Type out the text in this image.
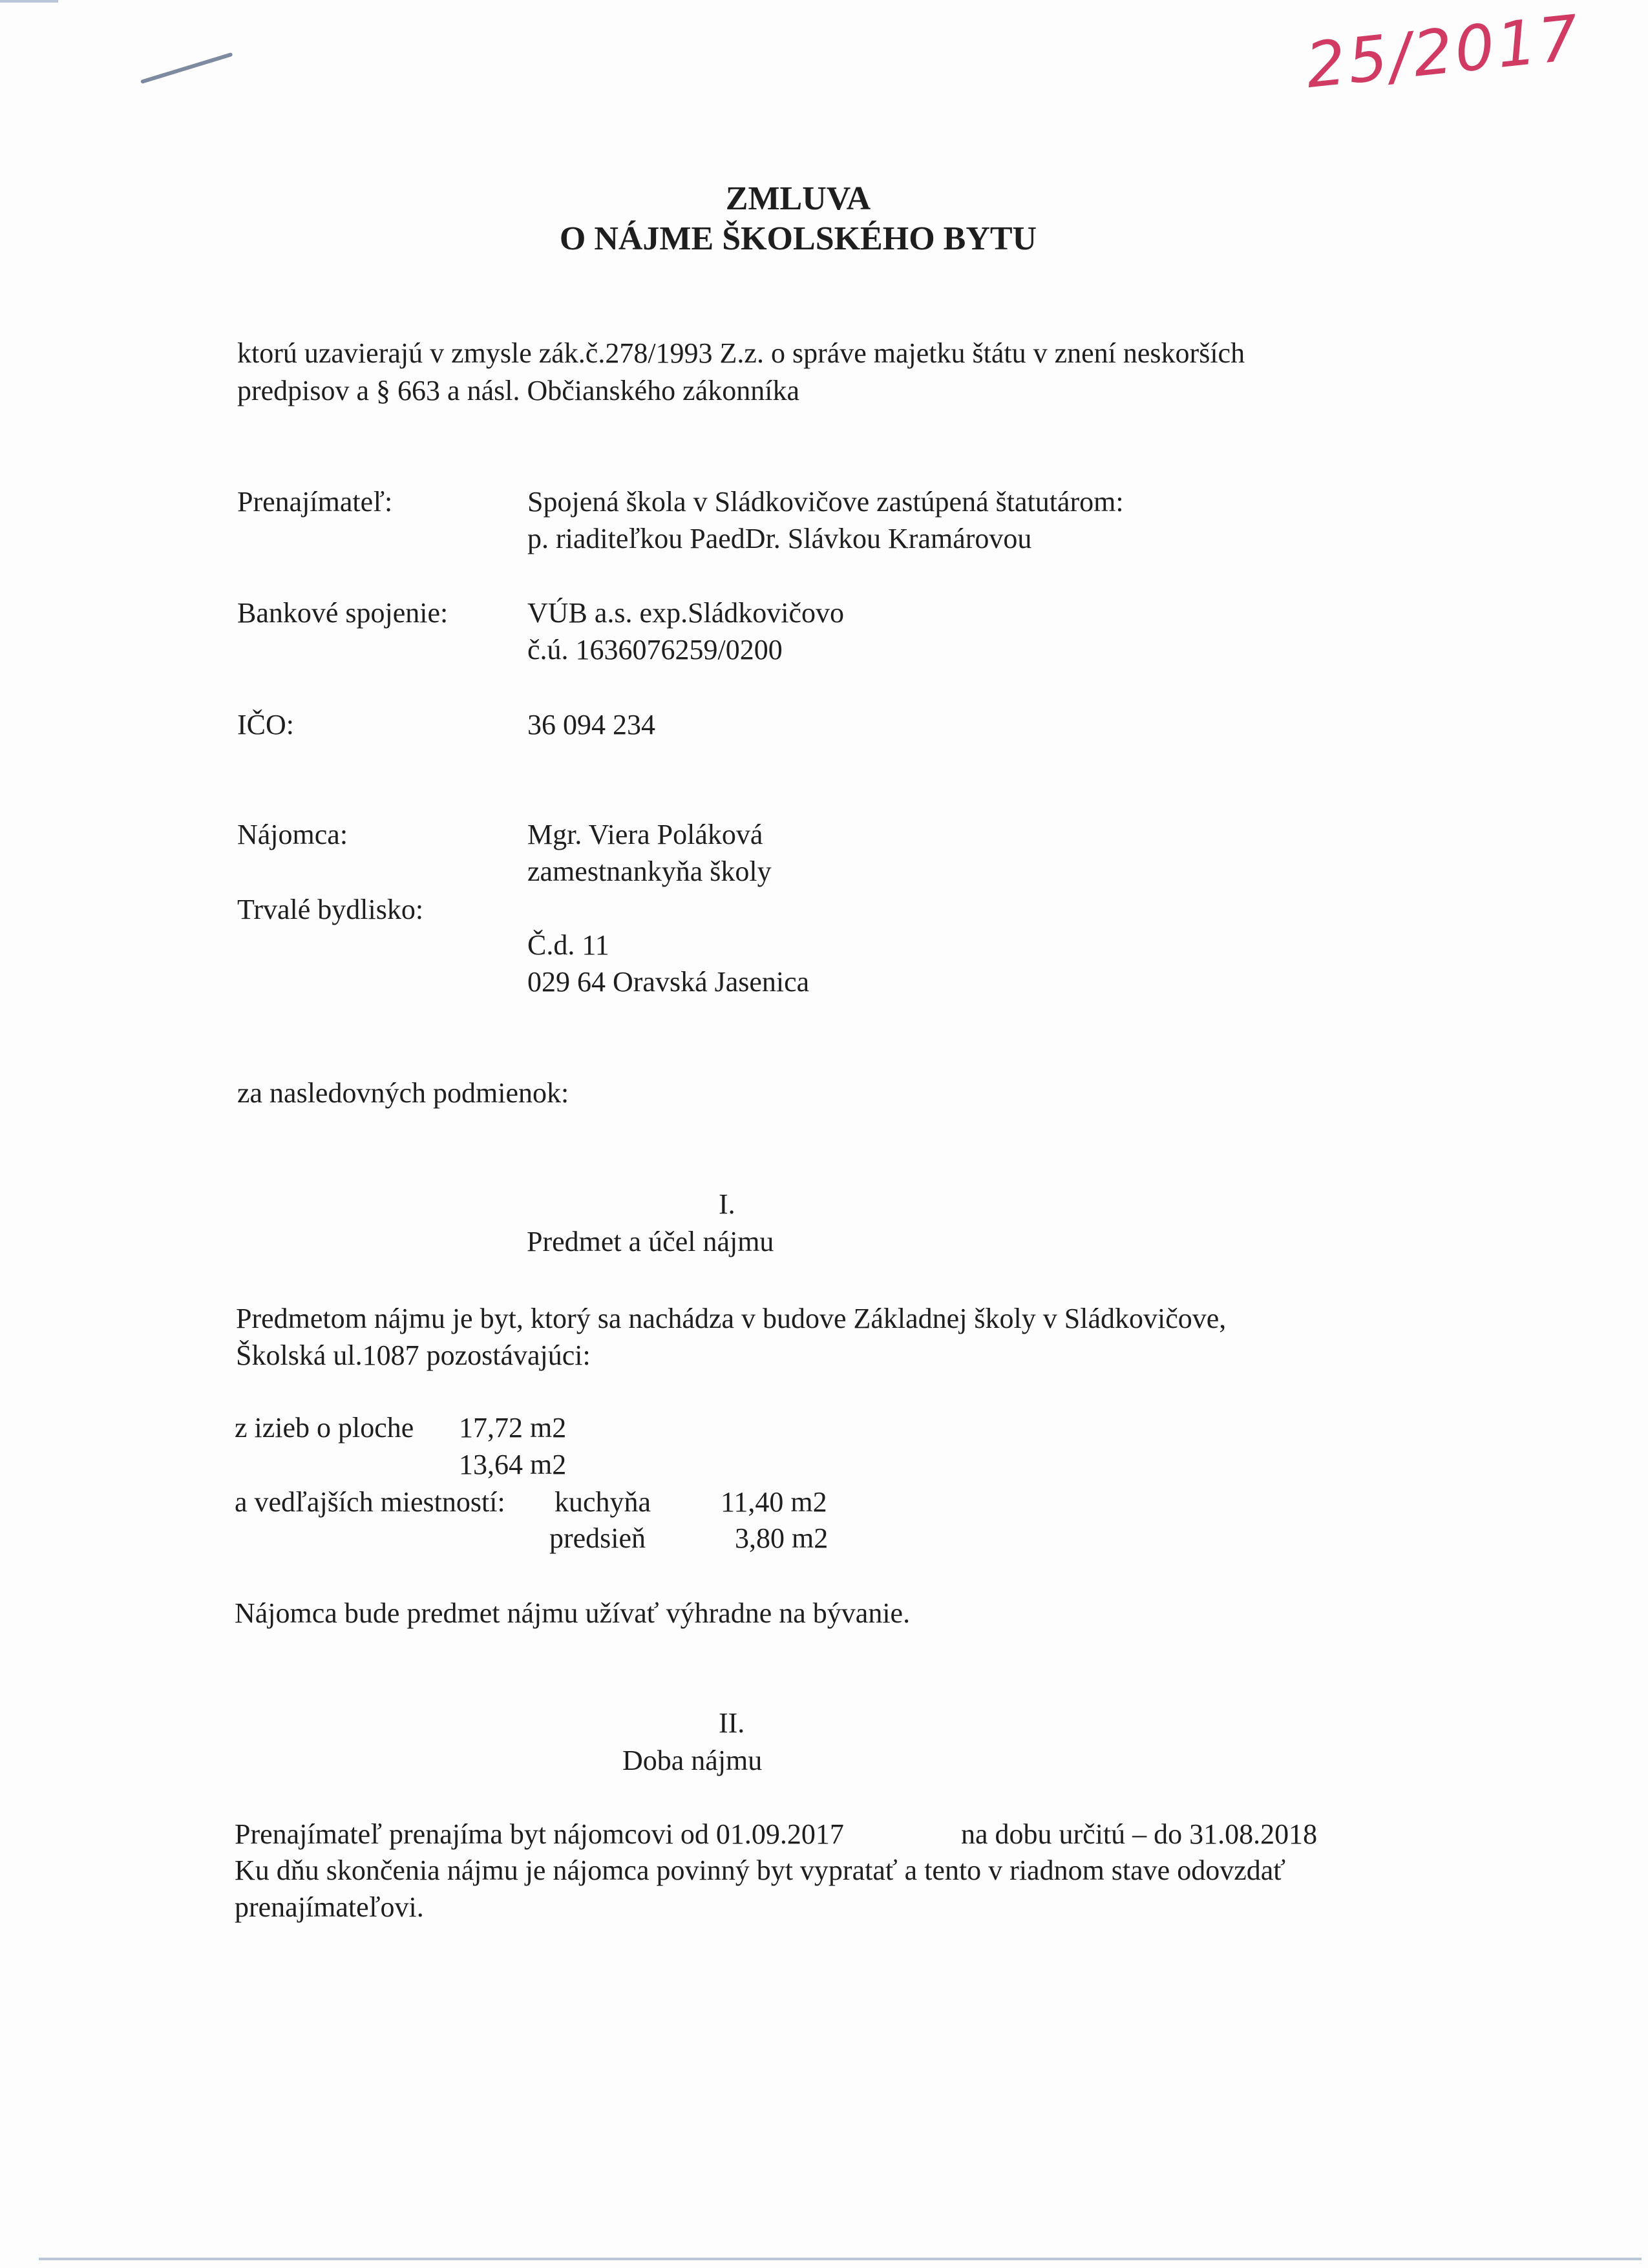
25/2017
ZMLUVA
O NÁJME ŠKOLSKÉHO BYTU
ktorú uzavierajú v zmysle zák.č.278/1993 Z.z. o správe majetku štátu v znení neskorších
predpisov a § 663 a násl. Občianského zákonníka
Prenajímateľ:	Spojená škola v Sládkovičove zastúpená štatutárom:
p. riaditeľkou PaedDr. Slávkou Kramárovou
Bankové spojenie:	VÚB a.s. exp.Sládkovičovo
č.ú. 1636076259/0200
IČO:	36 094 234
Nájomca:	Mgr. Viera Poláková
zamestnankyňa školy
Trvalé bydlisko:
Č.d. 11
029 64 Oravská Jasenica
za nasledovných podmienok:
I.
Predmet a účel nájmu
Predmetom nájmu je byt, ktorý sa nachádza v budove Základnej školy v Sládkovičove,
Školská ul.1087 pozostávajúci:
z izieb o ploche 17,72 m2
13,64 m2
a vedľajších miestností: kuchyňa 11,40 m2
predsieň	3,80 m2
Nájomca bude predmet nájmu užívať výhradne na bývanie.
II.
Doba nájmu
Prenajímateľ prenajíma byt nájomcovi od 01.09.2017	na dobu určitú – do 31.08.2018
Ku dňu skončenia nájmu je nájomca povinný byt vypratať a tento v riadnom stave odovzdať
prenajímateľovi.
